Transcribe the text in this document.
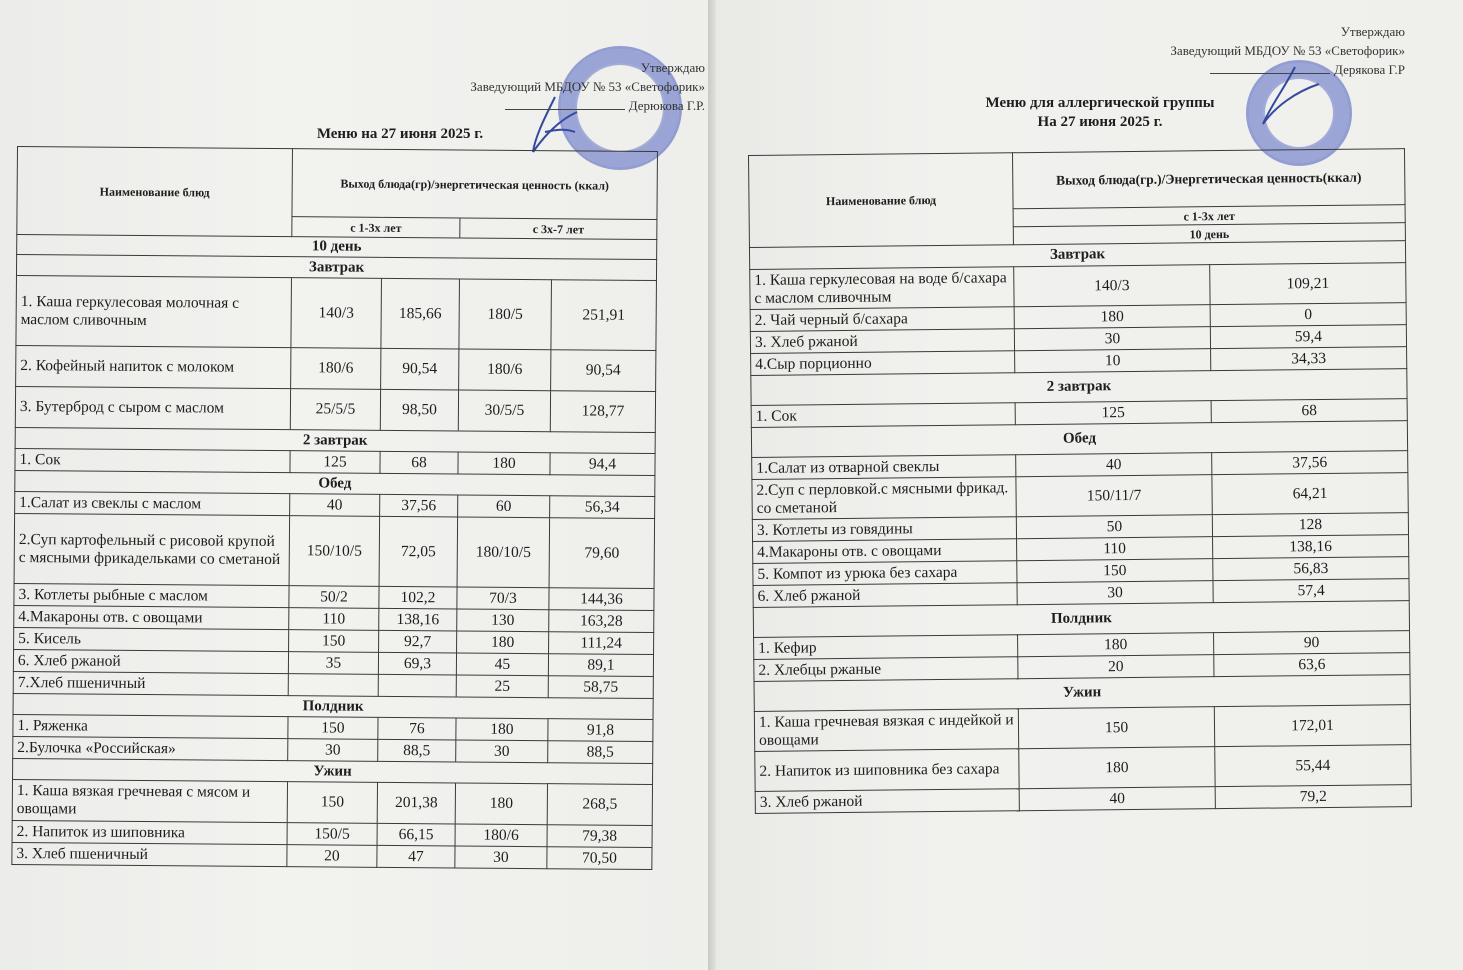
Утверждаю
Заведующий МБДОУ № 53 «Светофорик»
Дерюкова Г.Р.
Меню на 27 июня 2025 г.
Наименование блюд	Выход блюда(гр)/энергетическая ценность (ккал)			
	с 1-3х лет		с 3х-7 лет	
10 день				
Завтрак				
1. Каша геркулесовая молочная с маслом сливочным	140/3	185,66	180/5	251,91
2. Кофейный напиток с молоком	180/6	90,54	180/6	90,54
3. Бутерброд с сыром с маслом	25/5/5	98,50	30/5/5	128,77
2 завтрак				
1. Сок	125	68	180	94,4
Обед				
1.Салат из свеклы с маслом	40	37,56	60	56,34
2.Суп картофельный с рисовой крупой с мясными фрикадельками со сметаной	150/10/5	72,05	180/10/5	79,60
3. Котлеты рыбные с маслом	50/2	102,2	70/3	144,36
4.Макароны отв. с овощами	110	138,16	130	163,28
5. Кисель	150	92,7	180	111,24
6. Хлеб ржаной	35	69,3	45	89,1
7.Хлеб пшеничный			25	58,75
Полдник				
1. Ряженка	150	76	180	91,8
2.Булочка «Российская»	30	88,5	30	88,5
Ужин				
1. Каша вязкая гречневая с мясом и овощами	150	201,38	180	268,5
2. Напиток из шиповника	150/5	66,15	180/6	79,38
3. Хлеб пшеничный	20	47	30	70,50
Утверждаю
Заведующий МБДОУ № 53 «Светофорик»
Дерякова Г.Р
Меню для аллергической группы
На 27 июня 2025 г.
Наименование блюд	Выход блюда(гр.)/Энергетическая ценность(ккал)	
	с 1-3х лет	
	10 день	
Завтрак		
1. Каша геркулесовая на воде б/сахара с маслом сливочным	140/3	109,21
2. Чай черный б/сахара	180	0
3. Хлеб ржаной	30	59,4
4.Сыр порционно	10	34,33
2 завтрак		
1. Сок	125	68
Обед		
1.Салат из отварной свеклы	40	37,56
2.Суп с перловкой.с мясными фрикад. со сметаной	150/11/7	64,21
3. Котлеты из говядины	50	128
4.Макароны отв. с овощами	110	138,16
5. Компот из урюка без сахара	150	56,83
6. Хлеб ржаной	30	57,4
Полдник		
1. Кефир	180	90
2. Хлебцы ржаные	20	63,6
Ужин		
1. Каша гречневая вязкая с индейкой и овощами	150	172,01
2. Напиток из шиповника без сахара	180	55,44
3. Хлеб ржаной	40	79,2
